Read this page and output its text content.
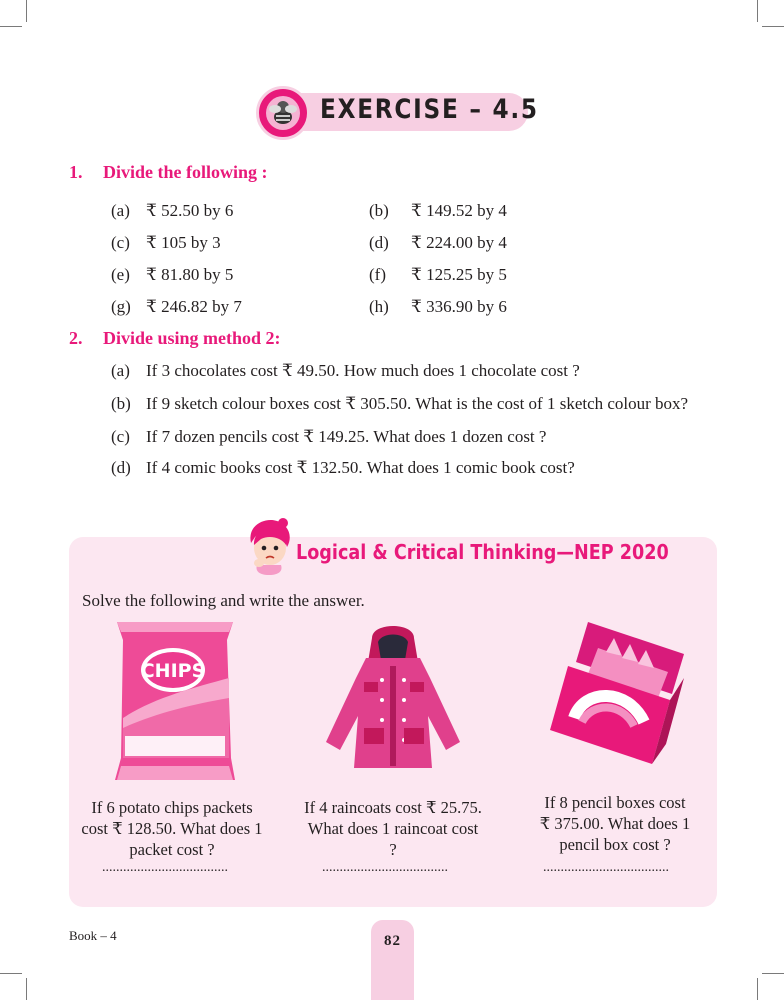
EXERCISE – 4.5
1. Divide the following :
(a) ₹ 52.50 by 6	(b) ₹ 149.52 by 4
(c) ₹ 105 by 3	(d) ₹ 224.00 by 4
(e) ₹ 81.80 by 5	(f) ₹ 125.25 by 5
(g) ₹ 246.82 by 7	(h) ₹ 336.90 by 6
2. Divide using method 2:
(a) If 3 chocolates cost ₹ 49.50. How much does 1 chocolate cost ?
(b) If 9 sketch colour boxes cost ₹ 305.50. What is the cost of 1 sketch colour box?
(c) If 7 dozen pencils cost ₹ 149.25. What does 1 dozen cost ?
(d) If 4 comic books cost ₹ 132.50. What does 1 comic book cost?
Logical & Critical Thinking—NEP 2020
Solve the following and write the answer.
CHIPS
If 6 potato chips packets
cost ₹ 128.50. What does 1
packet cost ?
....................................
If 4 raincoats cost ₹ 25.75.
What does 1 raincoat cost
?
....................................
If 8 pencil boxes cost
₹ 375.00. What does 1
pencil box cost ?
....................................
Book – 4	82
